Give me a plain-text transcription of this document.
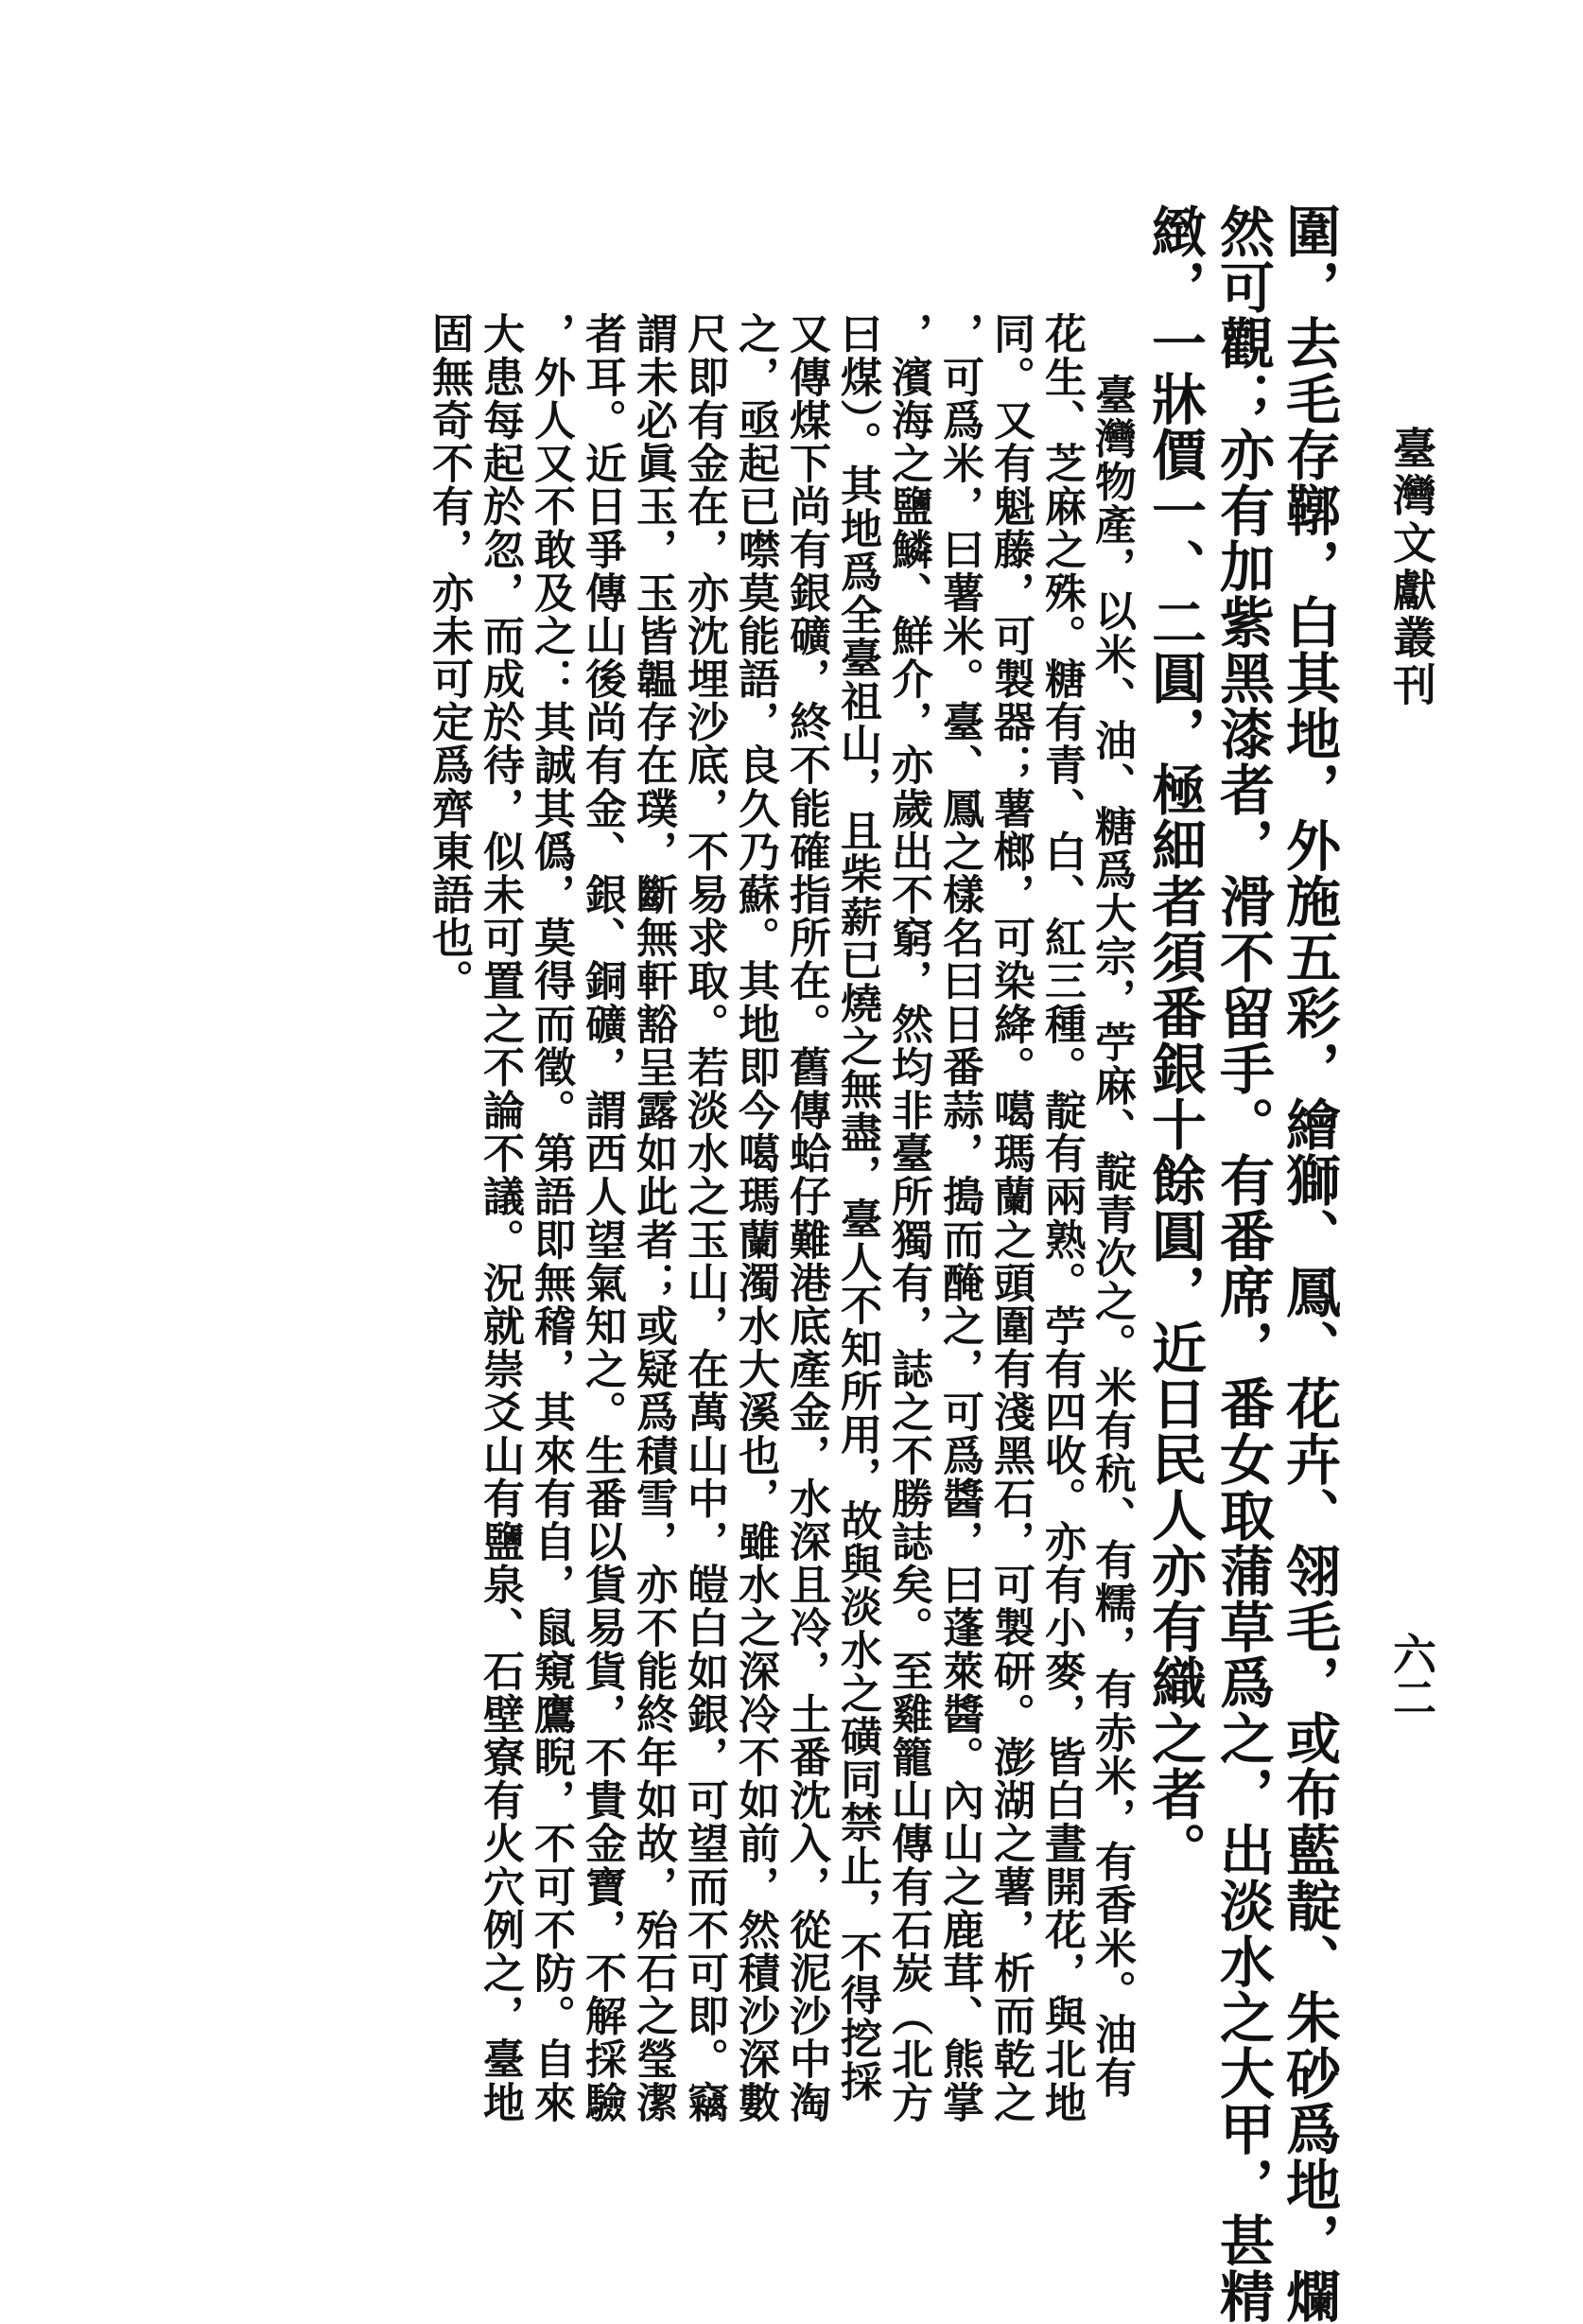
臺灣文獻叢刊
六二
圍，去毛存鞹，白其地，外施五彩，繪獅、鳳、花卉、翎毛，或布藍靛、朱砂爲地，爛
然可觀；亦有加紫黑漆者，滑不留手。有番席，番女取蒲草爲之，出淡水之大甲，甚精
緻，一牀價一、二圓，極細者須番銀十餘圓，近日民人亦有織之者。
臺灣物產，以米、油、糖爲大宗，苧麻、靛青次之。米有秔、有糯，有赤米，有香米。油有
花生、芝麻之殊。糖有青、白、紅三種。靛有兩熟。苧有四收。亦有小麥，皆白晝開花，與北地
同。又有魁藤，可製器；薯榔，可染絳。噶瑪蘭之頭圍有淺黑石，可製研。澎湖之薯，析而乾之
，可爲米，曰薯米。臺、鳳之樣名曰日番蒜，搗而醃之，可爲醬，曰蓬萊醬。內山之鹿茸、熊掌
，濱海之鹽鱗、鮮介，亦歲出不窮，然均非臺所獨有，誌之不勝誌矣。至雞籠山傳有石炭（北方
曰煤）。其地爲全臺祖山，且柴薪已燒之無盡，臺人不知所用，故與淡水之磺同禁止，不得挖採
又傳煤下尚有銀礦，終不能確指所在。舊傳蛤仔難港底產金，水深且冷，土番沈入，從泥沙中淘
之，亟起已噤莫能語，良久乃蘇。其地即今噶瑪蘭濁水大溪也，雖水之深冷不如前，然積沙深數
尺即有金在，亦沈埋沙底，不易求取。若淡水之玉山，在萬山中，皚白如銀，可望而不可即。竊
謂未必眞玉，玉皆韞存在璞，斷無軒豁呈露如此者；或疑爲積雪，亦不能終年如故，殆石之瑩潔
者耳。近日爭傳山後尚有金、銀、銅礦，謂西人望氣知之。生番以貨易貨，不貴金寶，不解採驗
，外人又不敢及之：其誠其僞，莫得而徵。第語即無稽，其來有自，鼠窺鷹睨，不可不防。自來
大患每起於忽，而成於待，似未可置之不論不議。況就崇爻山有鹽泉、石壁寮有火穴例之，臺地
固無奇不有，亦未可定爲齊東語也。
